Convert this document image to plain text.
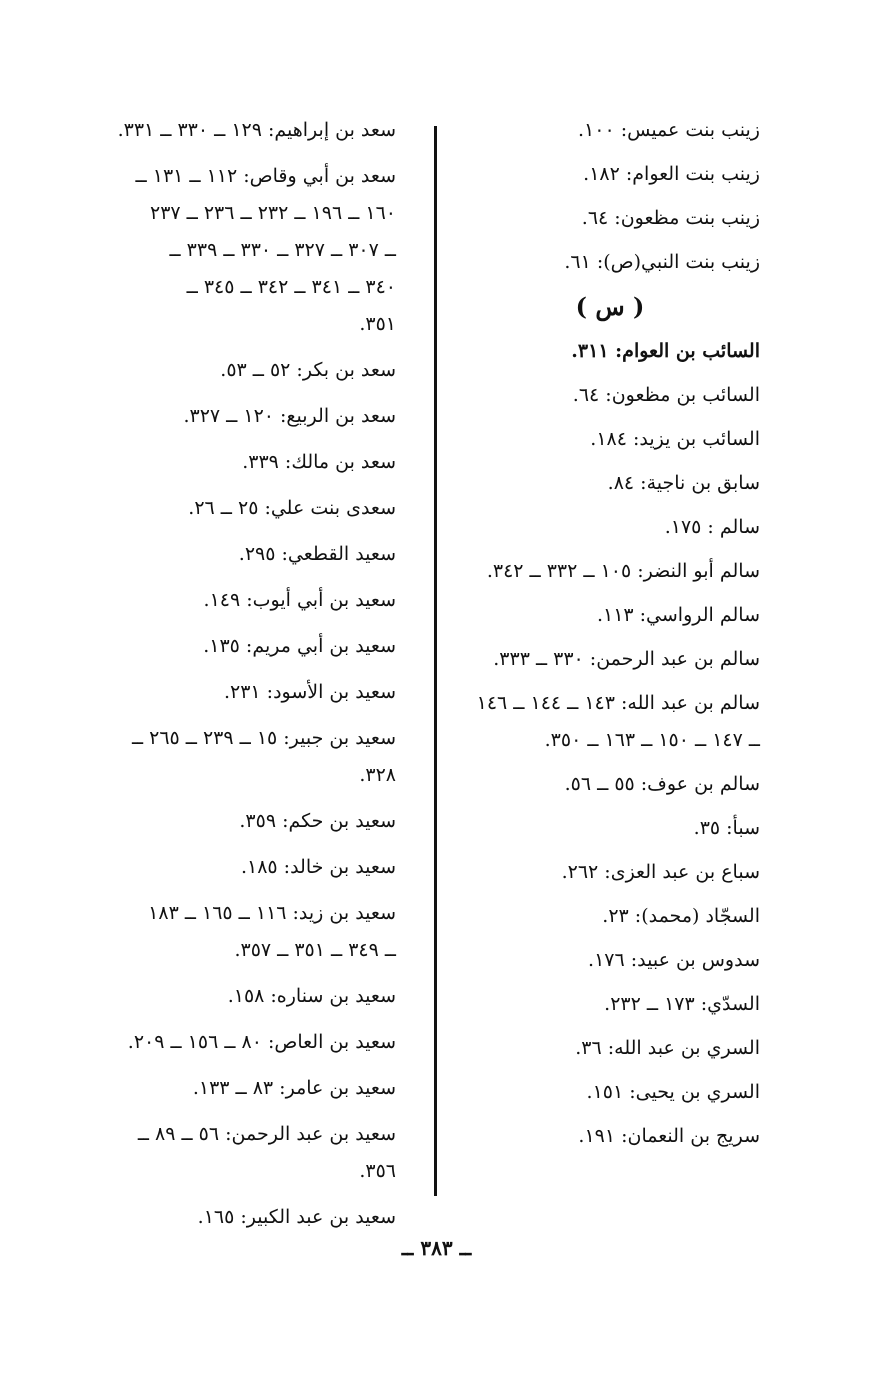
زينب بنت عميس: ١٠٠.
زينب بنت العوام: ١٨٢.
زينب بنت مظعون: ٦٤.
زينب بنت النبي(ص): ٦١.
( س )
السائب بن العوام: ٣١١.
السائب بن مظعون: ٦٤.
السائب بن يزيد: ١٨٤.
سابق بن ناجية: ٨٤.
سالم : ١٧٥.
سالم أبو النضر: ١٠٥ ــ ٣٣٢ ــ ٣٤٢.
سالم الرواسي: ١١٣.
سالم بن عبد الرحمن: ٣٣٠ ــ ٣٣٣.
سالم بن عبد الله: ١٤٣ ــ ١٤٤ ــ ١٤٦
ــ ١٤٧ ــ ١٥٠ ــ ١٦٣ ــ ٣٥٠.
سالم بن عوف: ٥٥ ــ ٥٦.
سبأ: ٣٥.
سباع بن عبد العزى: ٢٦٢.
السجّاد (محمد): ٢٣.
سدوس بن عبيد: ١٧٦.
السدّي: ١٧٣ ــ ٢٣٢.
السري بن عبد الله: ٣٦.
السري بن يحيى: ١٥١.
سريج بن النعمان: ١٩١.
سعد بن إبراهيم: ١٢٩ ــ ٣٣٠ ــ ٣٣١.
سعد بن أبي وقاص: ١١٢ ــ ١٣١ ــ
١٦٠ ــ ١٩٦ ــ ٢٣٢ ــ ٢٣٦ ــ ٢٣٧
ــ ٣٠٧ ــ ٣٢٧ ــ ٣٣٠ ــ ٣٣٩ ــ
٣٤٠ ــ ٣٤١ ــ ٣٤٢ ــ ٣٤٥ ــ
٣٥١.
سعد بن بكر: ٥٢ ــ ٥٣.
سعد بن الربيع: ١٢٠ ــ ٣٢٧.
سعد بن مالك: ٣٣٩.
سعدى بنت علي: ٢٥ ــ ٢٦.
سعيد القطعي: ٢٩٥.
سعيد بن أبي أيوب: ١٤٩.
سعيد بن أبي مريم: ١٣٥.
سعيد بن الأسود: ٢٣١.
سعيد بن جبير: ١٥ ــ ٢٣٩ ــ ٢٦٥ ــ
٣٢٨.
سعيد بن حكم: ٣٥٩.
سعيد بن خالد: ١٨٥.
سعيد بن زيد: ١١٦ ــ ١٦٥ ــ ١٨٣
ــ ٣٤٩ ــ ٣٥١ ــ ٣٥٧.
سعيد بن سناره: ١٥٨.
سعيد بن العاص: ٨٠ ــ ١٥٦ ــ ٢٠٩.
سعيد بن عامر: ٨٣ ــ ١٣٣.
سعيد بن عبد الرحمن: ٥٦ ــ ٨٩ ــ
٣٥٦.
سعيد بن عبد الكبير: ١٦٥.
ــ ٣٨٣ ــ
